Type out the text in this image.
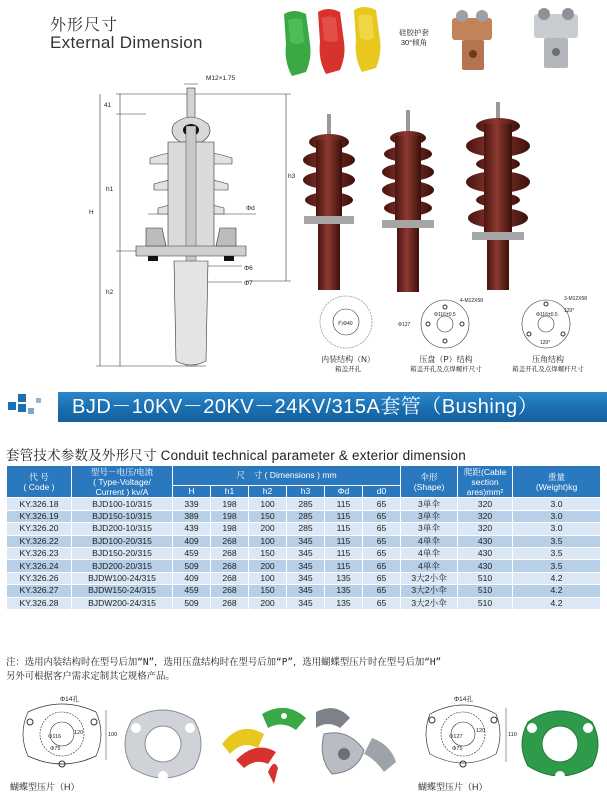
外形尺寸
External Dimension
硅胶护套
30°倾角
M12×1.75
41
h1
H
h2
h3
Φd
Φ6
Φ7
约Φ40
4-M12X58
Φ116±0.5
Φ127
3-M12X58
Φ116±0.5
120°
120°
内装结构（N）
箱盖开孔
压盘（P）结构
箱盖开孔及点焊螺杆尺寸
压角结构
箱盖开孔及点焊螺杆尺寸
BJD－10KV－20KV－24KV/315A套管（Bushing）
套管技术参数及外形尺寸 Conduit technical parameter & exterior dimension
代 号
( Code )	型号－电压/电流
( Type-Voltage/
Current ) kv/A	尺　寸 ( Dimensions ) mm						伞形
(Shape)	爬距(Cable
section
ares)mm²	重量
(Weight)kg
		H	h1	h2	h3	Φd	d0			
KY.326.18	BJD100-10/315	339	198	100	285	115	65	3单伞	320	3.0
KY.326.19	BJD150-10/315	389	198	150	285	115	65	3单伞	320	3.0
KY.326.20	BJD200-10/315	439	198	200	285	115	65	3单伞	320	3.0
KY.326.22	BJD100-20/315	409	268	100	345	115	65	4单伞	430	3.5
KY.326.23	BJD150-20/315	459	268	150	345	115	65	4单伞	430	3.5
KY.326.24	BJD200-20/315	509	268	200	345	115	65	4单伞	430	3.5
KY.326.26	BJDW100-24/315	409	268	100	345	135	65	3大2小伞	510	4.2
KY.326.27	BJDW150-24/315	459	268	150	345	135	65	3大2小伞	510	4.2
KY.326.28	BJDW200-24/315	509	268	200	345	135	65	3大2小伞	510	4.2
注：选用内装结构时在型号后加“N”，选用压盘结构时在型号后加“P”，选用蝴蝶型压片时在型号后加“H”
另外可根据客户需求定制其它规格产品。
Φ14孔
Φ116
Φ75
120	100
蝴蝶型压片（H）
Φ14孔
Φ127
Φ75
120
110
蝴蝶型压片（H）
